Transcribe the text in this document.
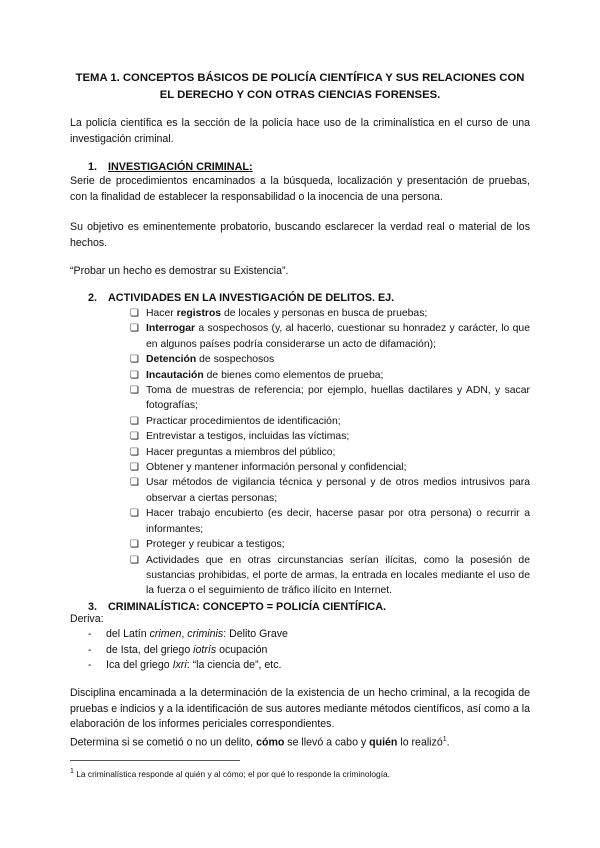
TEMA 1. CONCEPTOS BÁSICOS DE POLICÍA CIENTÍFICA Y SUS RELACIONES CON EL DERECHO Y CON OTRAS CIENCIAS FORENSES.

La policía científica es la sección de la policía hace uso de la criminalística en el curso de una investigación criminal.

1. INVESTIGACIÓN CRIMINAL:

Serie de procedimientos encaminados a la búsqueda, localización y presentación de pruebas, con la finalidad de establecer la responsabilidad o la inocencia de una persona.

Su objetivo es eminentemente probatorio, buscando esclarecer la verdad real o material de los hechos.

“Probar un hecho es demostrar su Existencia”.

2. ACTIVIDADES EN LA INVESTIGACIÓN DE DELITOS. EJ.

❏ Hacer registros de locales y personas en busca de pruebas;
❏ Interrogar a sospechosos (y, al hacerlo, cuestionar su honradez y carácter, lo que en algunos países podría considerarse un acto de difamación);
❏ Detención de sospechosos
❏ Incautación de bienes como elementos de prueba;
❏ Toma de muestras de referencia; por ejemplo, huellas dactilares y ADN, y sacar fotografías;
❏ Practicar procedimientos de identificación;
❏ Entrevistar a testigos, incluidas las víctimas;
❏ Hacer preguntas a miembros del público;
❏ Obtener y mantener información personal y confidencial;
❏ Usar métodos de vigilancia técnica y personal y de otros medios intrusivos para observar a ciertas personas;
❏ Hacer trabajo encubierto (es decir, hacerse pasar por otra persona) o recurrir a informantes;
❏ Proteger y reubicar a testigos;
❏ Actividades que en otras circunstancias serían ilícitas, como la posesión de sustancias prohibidas, el porte de armas, la entrada en locales mediante el uso de la fuerza o el seguimiento de tráfico ilícito en Internet.

3. CRIMINALÍSTICA: CONCEPTO = POLICÍA CIENTÍFICA.

Deriva:

- del Latín crimen, criminis: Delito Grave
- de Ista, del griego iotrís ocupación
- Ica del griego Ixri: “la ciencia de”, etc.

Disciplina encaminada a la determinación de la existencia de un hecho criminal, a la recogida de pruebas e indicios y a la identificación de sus autores mediante métodos científicos, así como a la elaboración de los informes periciales correspondientes.

Determina si se cometió o no un delito, cómo se llevó a cabo y quién lo realizó$^1$.

$^1$ La criminalística responde al quién y al cómo; el por qué lo responde la criminología.
